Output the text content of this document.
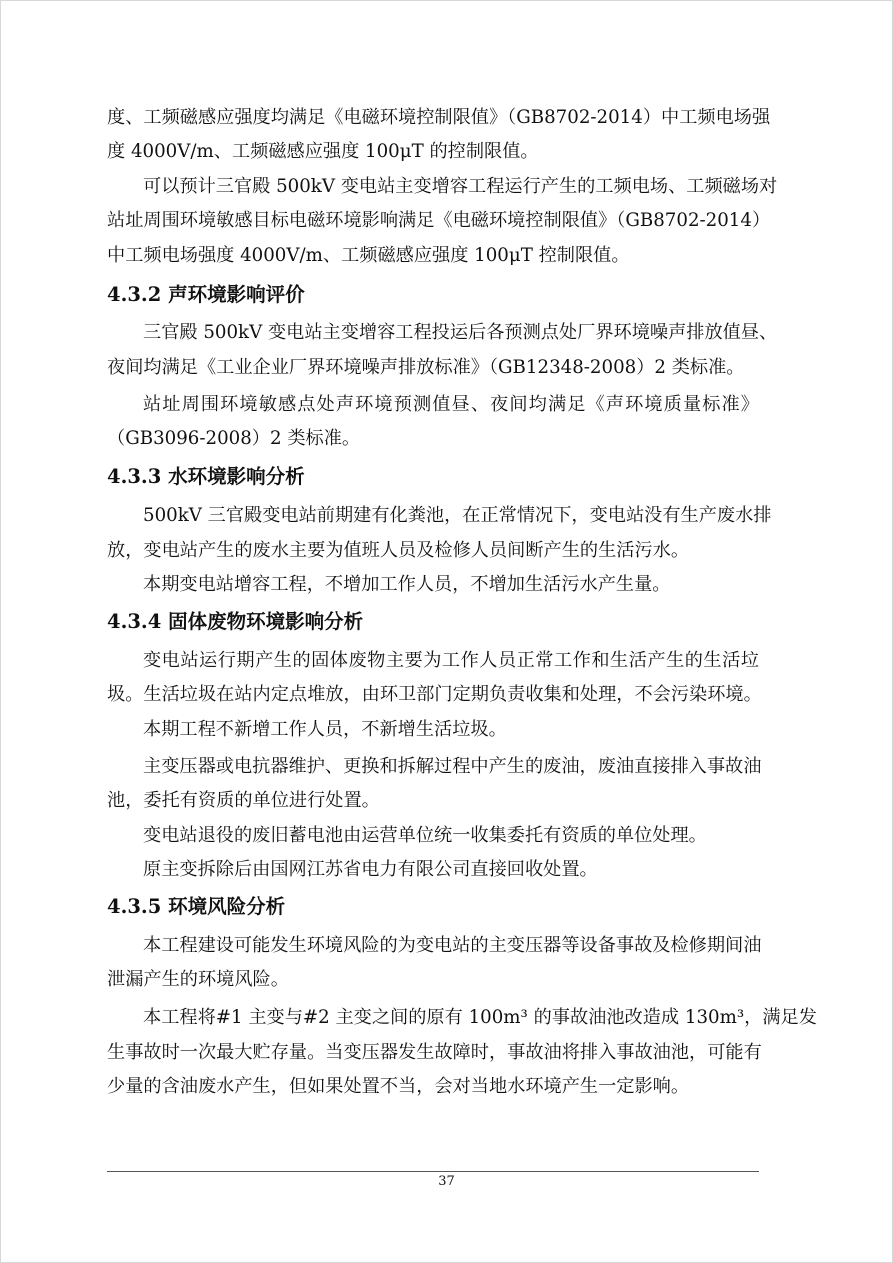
度、工频磁感应强度均满足《电磁环境控制限值》（GB8702-2014）中工频电场强
度 4000V/m、工频磁感应强度 100μT 的控制限值。
可以预计三官殿 500kV 变电站主变增容工程运行产生的工频电场、工频磁场对
站址周围环境敏感目标电磁环境影响满足《电磁环境控制限值》（GB8702-2014）
中工频电场强度 4000V/m、工频磁感应强度 100μT 控制限值。
4.3.2 声环境影响评价
三官殿 500kV 变电站主变增容工程投运后各预测点处厂界环境噪声排放值昼、
夜间均满足《工业企业厂界环境噪声排放标准》（GB12348-2008）2 类标准。
站址周围环境敏感点处声环境预测值昼、夜间均满足《声环境质量标准》
（GB3096-2008）2 类标准。
4.3.3 水环境影响分析
500kV 三官殿变电站前期建有化粪池，在正常情况下，变电站没有生产废水排
放，变电站产生的废水主要为值班人员及检修人员间断产生的生活污水。
本期变电站增容工程，不增加工作人员，不增加生活污水产生量。
4.3.4 固体废物环境影响分析
变电站运行期产生的固体废物主要为工作人员正常工作和生活产生的生活垃
圾。生活垃圾在站内定点堆放，由环卫部门定期负责收集和处理，不会污染环境。
本期工程不新增工作人员，不新增生活垃圾。
主变压器或电抗器维护、更换和拆解过程中产生的废油，废油直接排入事故油
池，委托有资质的单位进行处置。
变电站退役的废旧蓄电池由运营单位统一收集委托有资质的单位处理。
原主变拆除后由国网江苏省电力有限公司直接回收处置。
4.3.5 环境风险分析
本工程建设可能发生环境风险的为变电站的主变压器等设备事故及检修期间油
泄漏产生的环境风险。
本工程将#1 主变与#2 主变之间的原有 100m³ 的事故油池改造成 130m³，满足发
生事故时一次最大贮存量。当变压器发生故障时，事故油将排入事故油池，可能有
少量的含油废水产生，但如果处置不当，会对当地水环境产生一定影响。
37
